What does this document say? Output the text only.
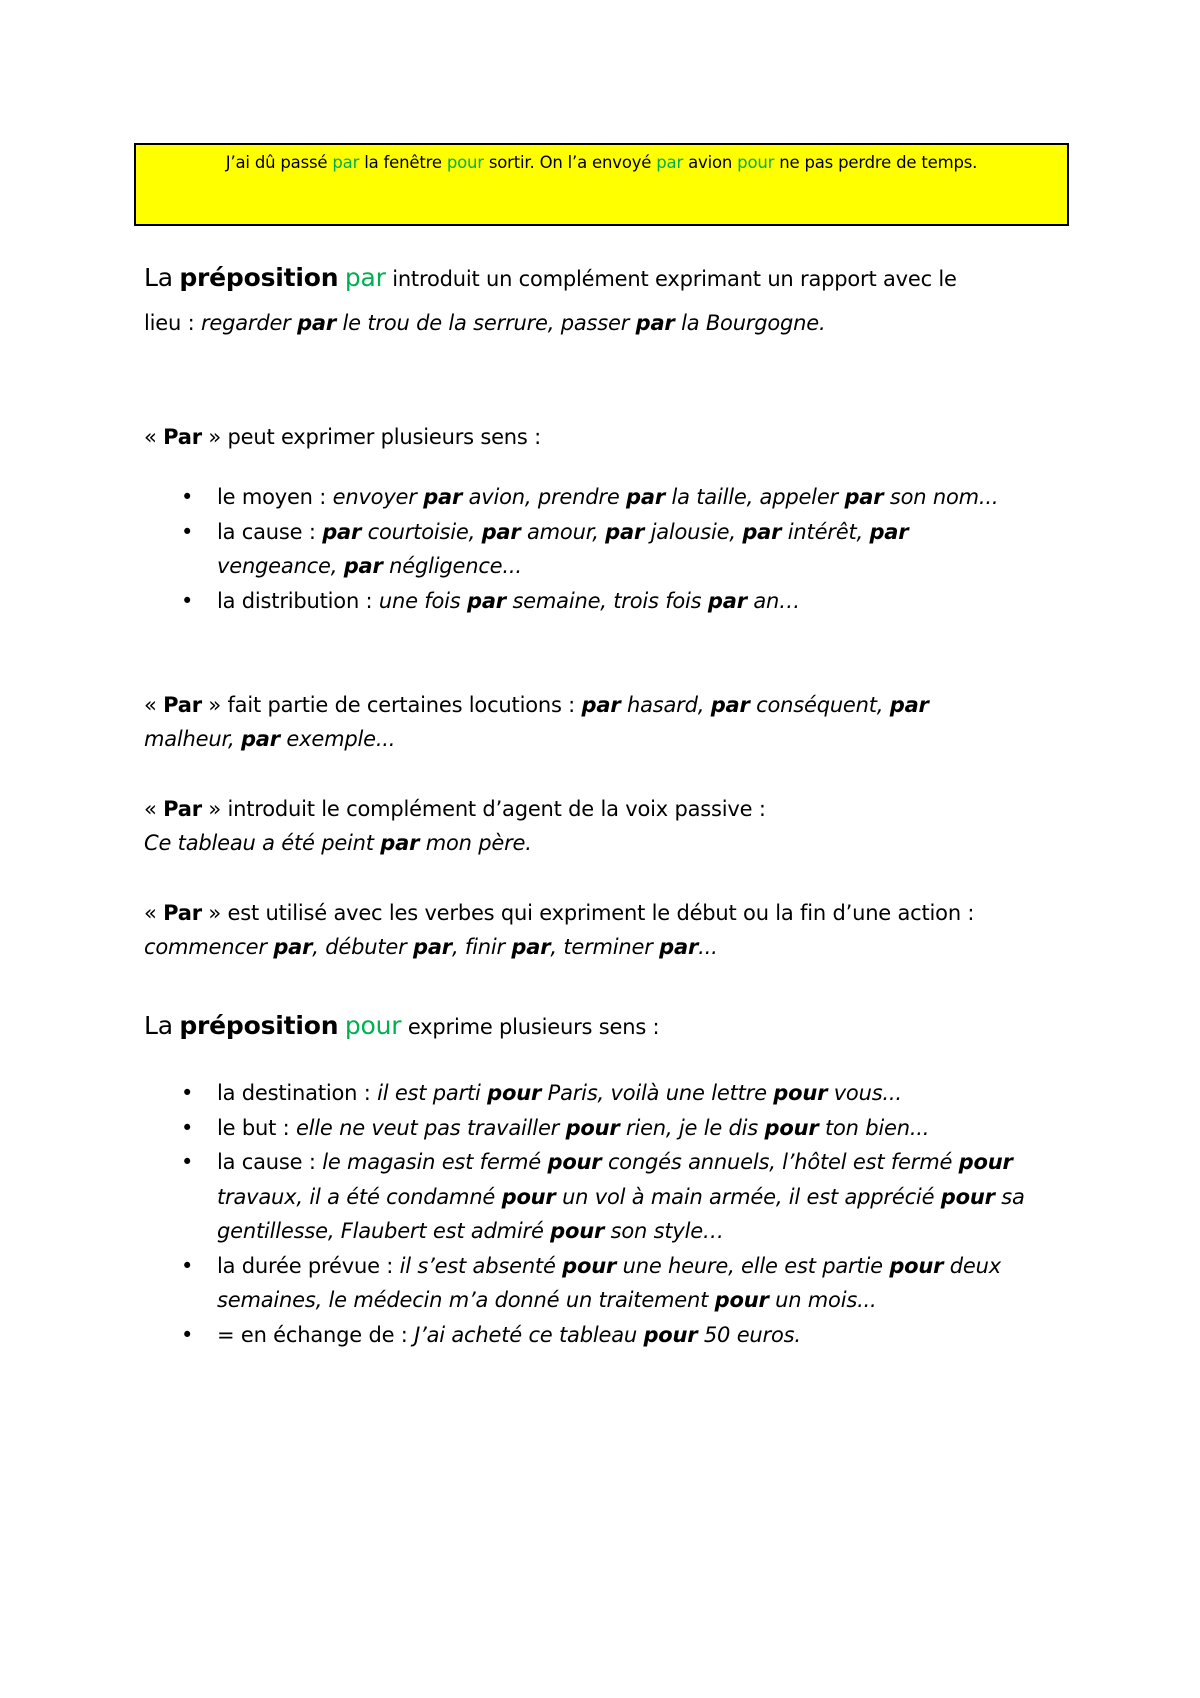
J’ai dû passé par la fenêtre pour sortir. On l’a envoyé par avion pour ne pas perdre de temps.
La préposition par introduit un complément exprimant un rapport avec le
lieu : regarder par le trou de la serrure, passer par la Bourgogne.
« Par » peut exprimer plusieurs sens :
• le moyen : envoyer par avion, prendre par la taille, appeler par son nom...
• la cause : par courtoisie, par amour, par jalousie, par intérêt, par vengeance, par négligence...
• la distribution : une fois par semaine, trois fois par an…
« Par » fait partie de certaines locutions : par hasard, par conséquent, par malheur, par exemple...
« Par » introduit le complément d’agent de la voix passive :
Ce tableau a été peint par mon père.
« Par » est utilisé avec les verbes qui expriment le début ou la fin d’une action :
commencer par, débuter par, finir par, terminer par...
La préposition pour exprime plusieurs sens :
• la destination : il est parti pour Paris, voilà une lettre pour vous...
• le but : elle ne veut pas travailler pour rien, je le dis pour ton bien...
• la cause : le magasin est fermé pour congés annuels, l’hôtel est fermé pour travaux, il a été condamné pour un vol à main armée, il est apprécié pour sa gentillesse, Flaubert est admiré pour son style…
• la durée prévue : il s’est absenté pour une heure, elle est partie pour deux semaines, le médecin m’a donné un traitement pour un mois...
• = en échange de : J’ai acheté ce tableau pour 50 euros.
